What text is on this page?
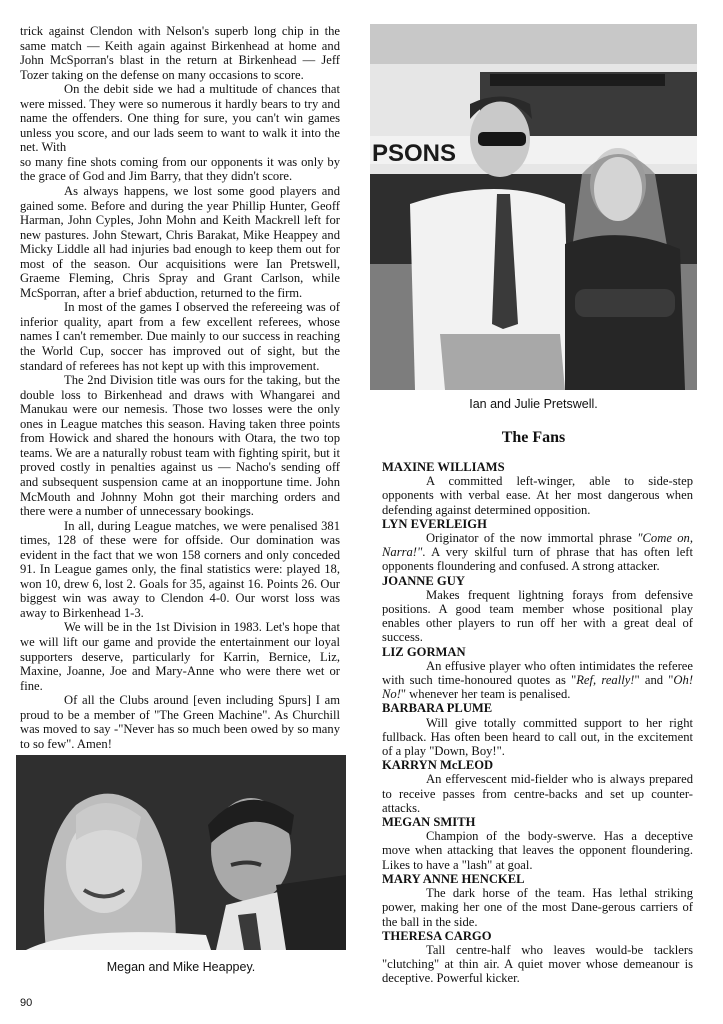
trick against Clendon with Nelson's superb long chip in the same match — Keith again against Birkenhead at home and John McSporran's blast in the return at Birkenhead — Jeff Tozer taking on the defense on many occasions to score.

On the debit side we had a multitude of chances that were missed. They were so numerous it hardly bears to try and name the offenders. One thing for sure, you can't win games unless you score, and our lads seem to want to walk it into the net. With

so many fine shots coming from our opponents it was only by the grace of God and Jim Barry, that they didn't score.

As always happens, we lost some good players and gained some. Before and during the year Phillip Hunter, Geoff Harman, John Cyples, John Mohn and Keith Mackrell left for new pastures. John Stewart, Chris Barakat, Mike Heappey and Micky Liddle all had injuries bad enough to keep them out for most of the season. Our acquisitions were Ian Pretswell, Graeme Fleming, Chris Spray and Grant Carlson, while McSporran, after a brief abduction, returned to the firm.

In most of the games I observed the refereeing was of inferior quality, apart from a few excellent referees, whose names I can't remember. Due mainly to our success in reaching the World Cup, soccer has improved out of sight, but the standard of referees has not kept up with this improvement.

The 2nd Division title was ours for the taking, but the double loss to Birkenhead and draws with Whangarei and Manukau were our nemesis. Those two losses were the only ones in League matches this season. Having taken three points from Howick and shared the honours with Otara, the two top teams. We are a naturally robust team with fighting spirit, but it proved costly in penalties against us — Nacho's sending off and subsequent suspension came at an inopportune time. John McMouth and Johnny Mohn got their marching orders and there were a number of unnecessary bookings.

In all, during League matches, we were penalised 381 times, 128 of these were for offside. Our domination was evident in the fact that we won 158 corners and only conceded 91. In League games only, the final statistics were: played 18, won 10, drew 6, lost 2. Goals for 35, against 16. Points 26. Our biggest win was away to Clendon 4-0. Our worst loss was away to Birkenhead 1-3.

We will be in the 1st Division in 1983. Let's hope that we will lift our game and provide the entertainment our loyal supporters deserve, particularly for Karrin, Bernice, Liz, Maxine, Joanne, Joe and Mary-Anne who were there wet or fine.

Of all the Clubs around [even including Spurs] I am proud to be a member of "The Green Machine". As Churchill was moved to say -"Never has so much been owed by so many to so few". Amen!

PSONS
Ian and Julie Pretswell.
The Fans

MAXINE WILLIAMS

A committed left-winger, able to side-step opponents with verbal ease. At her most dangerous when defending against determined opposition.

LYN EVERLEIGH

Originator of the now immortal phrase "Come on, Narra!". A very skilful turn of phrase that has often left opponents floundering and confused. A strong attacker.

JOANNE GUY

Makes frequent lightning forays from defensive positions. A good team member whose positional play enables other players to run off her with a great deal of success.

LIZ GORMAN

An effusive player who often intimidates the referee with such time-honoured quotes as "Ref, really!" and "Oh! No!" whenever her team is penalised.

BARBARA PLUME

Will give totally committed support to her right fullback. Has often been heard to call out, in the excitement of a play "Down, Boy!".

KARRYN McLEOD

An effervescent mid-fielder who is always prepared to receive passes from centre-backs and set up counter-attacks.

MEGAN SMITH

Champion of the body-swerve. Has a deceptive move when attacking that leaves the opponent floundering. Likes to have a "lash" at goal.

MARY ANNE HENCKEL

The dark horse of the team. Has lethal striking power, making her one of the most Dane-gerous carriers of the ball in the side.

THERESA CARGO

Tall centre-half who leaves would-be tacklers "clutching" at thin air. A quiet mover whose demeanour is deceptive. Powerful kicker.

Megan and Mike Heappey.
90
